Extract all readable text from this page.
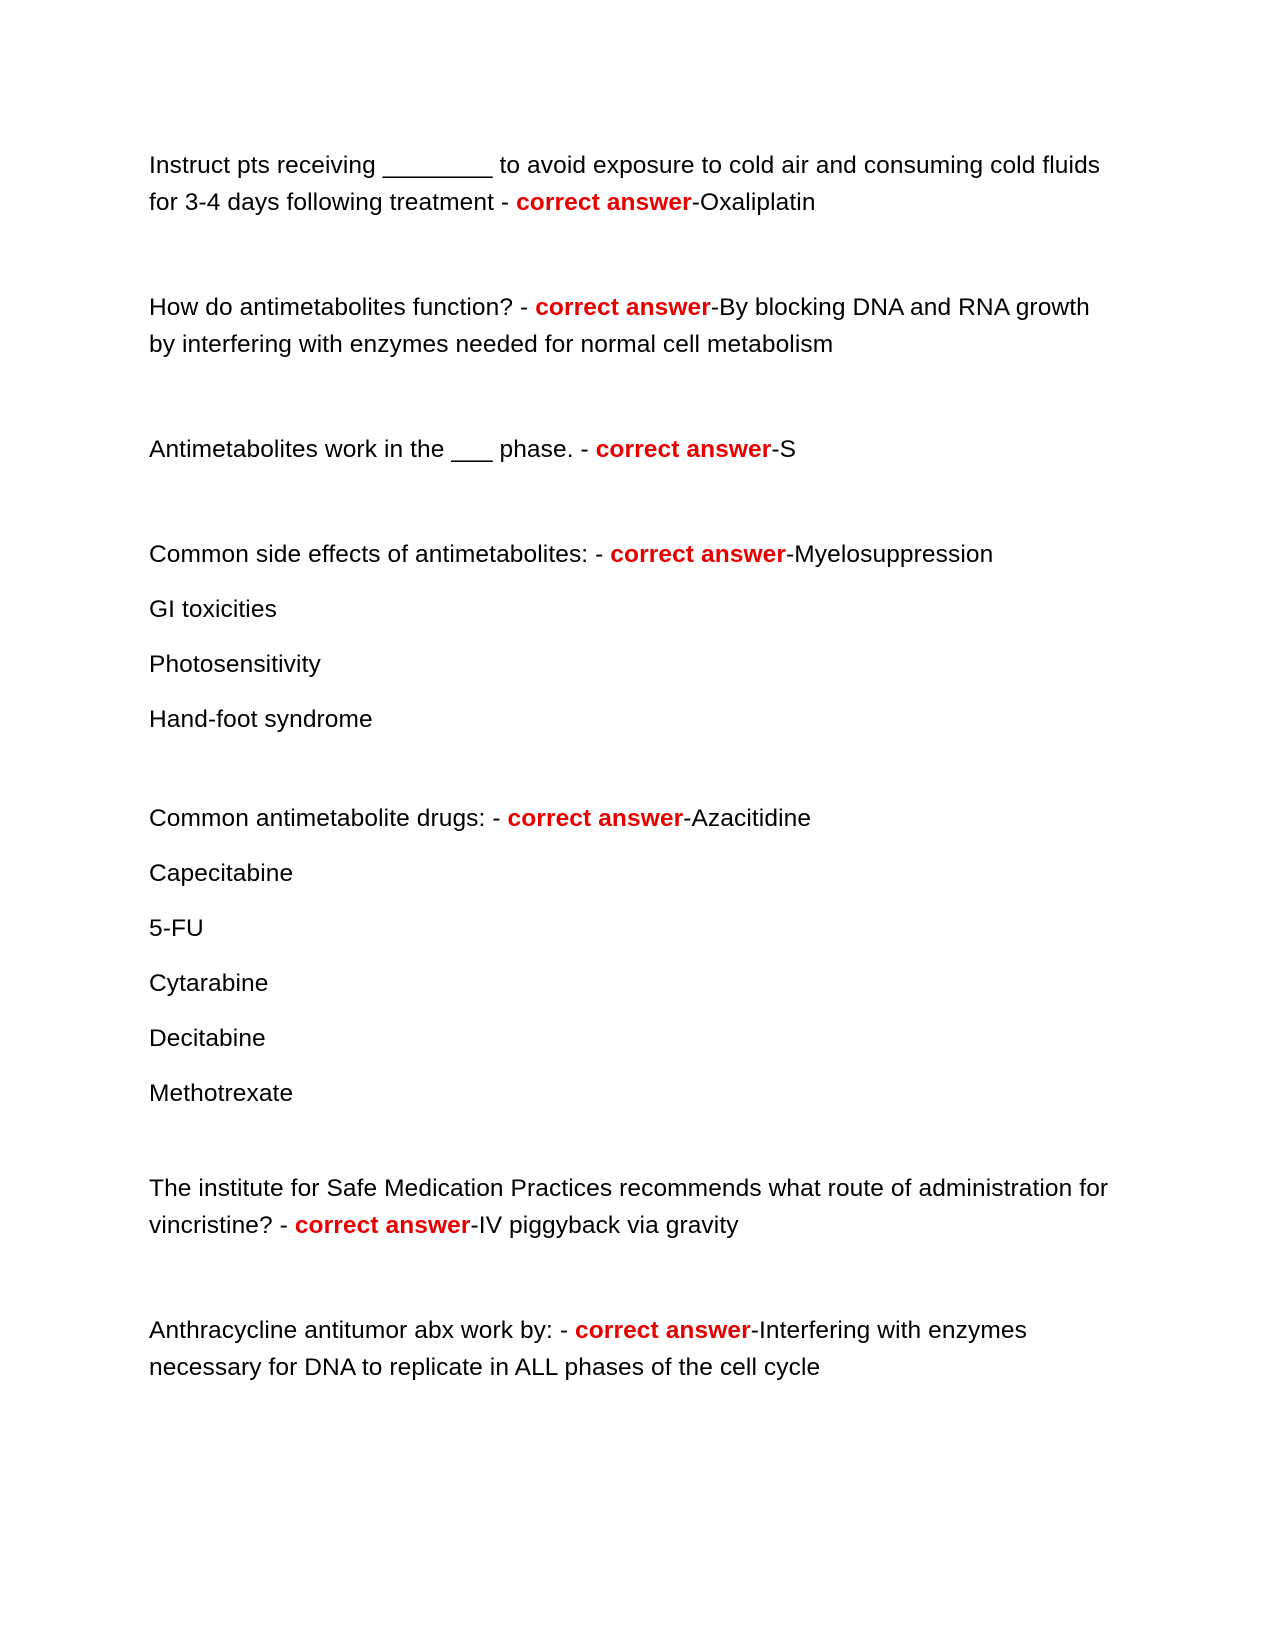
Instruct pts receiving ________ to avoid exposure to cold air and consuming cold fluids for 3-4 days following treatment - correct answer-Oxaliplatin

How do antimetabolites function? - correct answer-By blocking DNA and RNA growth by interfering with enzymes needed for normal cell metabolism

Antimetabolites work in the ___ phase. - correct answer-S

Common side effects of antimetabolites: - correct answer-Myelosuppression

GI toxicities

Photosensitivity

Hand-foot syndrome

Common antimetabolite drugs: - correct answer-Azacitidine

Capecitabine

5-FU

Cytarabine

Decitabine

Methotrexate

The institute for Safe Medication Practices recommends what route of administration for vincristine? - correct answer-IV piggyback via gravity

Anthracycline antitumor abx work by: - correct answer-Interfering with enzymes necessary for DNA to replicate in ALL phases of the cell cycle
